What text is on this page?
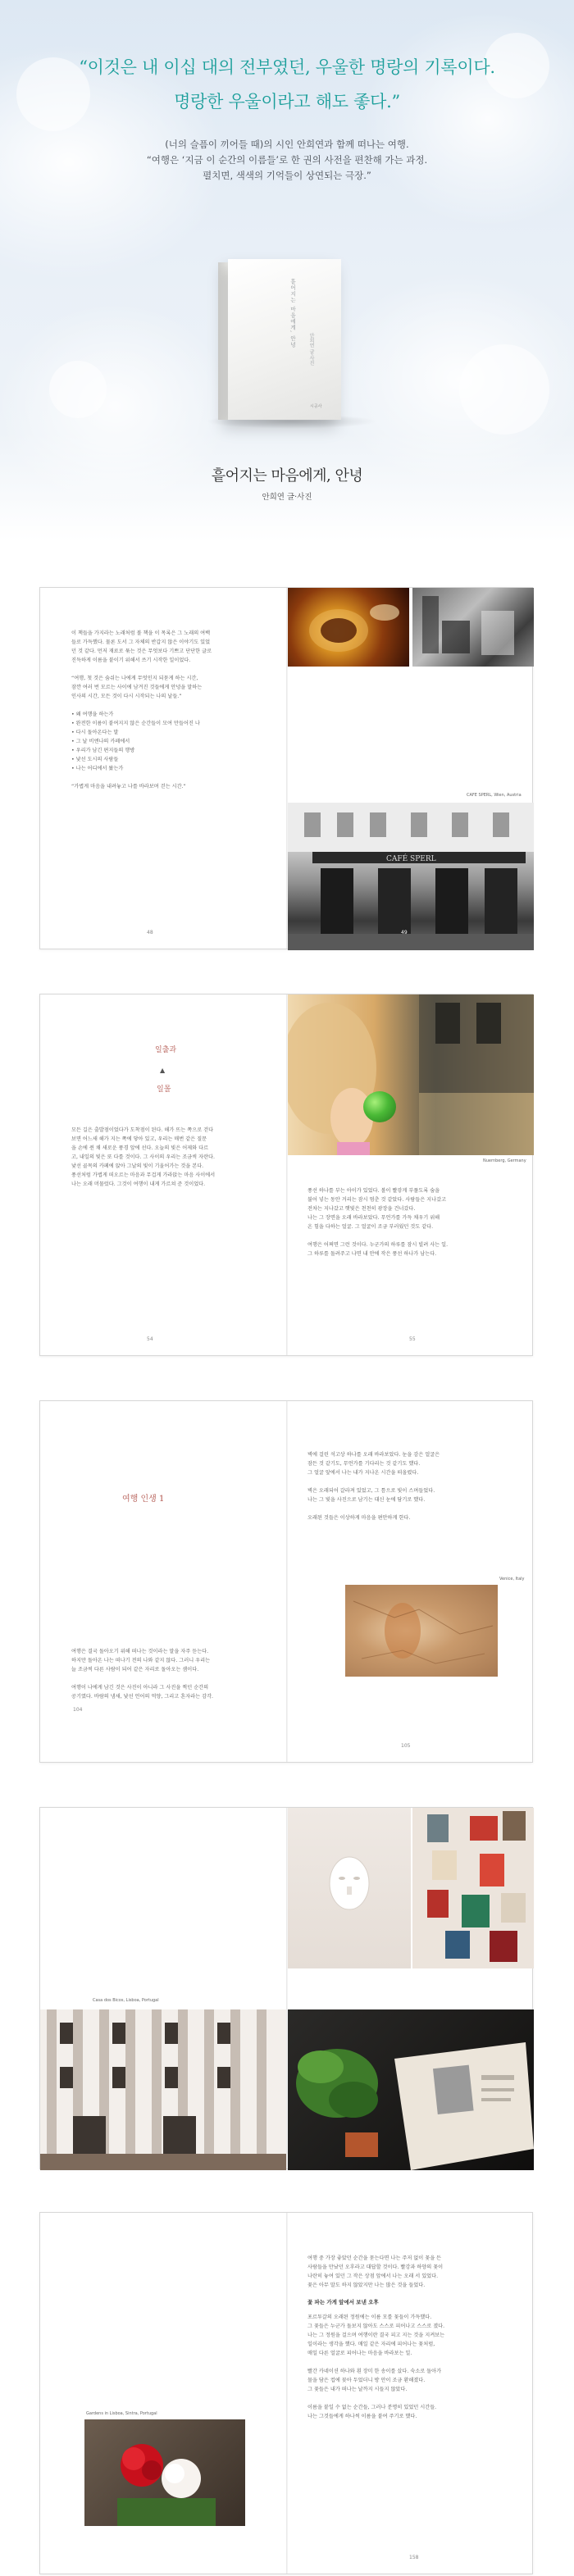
“이것은 내 이십 대의 전부였던, 우울한 명랑의 기록이다.
명랑한 우울이라고 해도 좋다.”
(너의 슬픔이 끼어들 때)의 시인 안희연과 함께 떠나는 여행.
“여행은 ‘지금 이 순간의 이름들’로 한 권의 사전을 편찬해 가는 과정.
펼치면, 색색의 기억들이 상연되는 극장.”
흩어지는 마음에게, 안녕
안희연 글·사진
시공사
흩어지는 마음에게, 안녕
안희연 글·사진
이 책들을 가지라는 노래처럼 볼 책을 이 목록은 그 노래의 여백
들로 가득했다. 물론 도서 그 자체의 반갑지 않은 이야기도 있었
던 것 같다. 먼저 재료로 묶는 것은 무엇보다 기쁘고 단단한 글로
진득하게 이름을 붙이기 위해서 쓰기 시작한 일이었다.

“여행, 첫 것은 숨쉬는 나에게 무엇인지 되묻게 하는 시간,
잠깐 여러 번 모르는 사이에 남겨진 것들에게 안녕을 말하는
인사의 시간, 모든 것이 다시 시작되는 나의 날들.”

• 왜 여행을 하는가
• 완전한 이름이 붙여지지 않은 순간들이 모여 만들어진 나
• 다시 돌아온다는 말
• 그 날 비엔나의 카페에서
• 우리가 남긴 편지들의 행방
• 낯선 도시의 사람들
• 나는 어디에서 왔는가

“가볍게 마음을 내려놓고 나를 바라보며 걷는 시간.”
48
CAFE SPERL, Wien, Austria
CAFÉ SPERL
49
일출과
▲
일몰
모든 길은 출발점이었다가 도착점이 된다. 해가 뜨는 쪽으로 걷다
보면 어느새 해가 지는 쪽에 닿아 있고, 우리는 매번 같은 질문
을 손에 쥔 채 새로운 풍경 앞에 선다. 오늘의 빛은 어제와 다르
고, 내일의 빛은 또 다를 것이다. 그 사이의 우리는 조금씩 자란다.
낯선 골목의 카페에 앉아 그날의 빛이 기울어가는 것을 본다.
풍선처럼 가볍게 떠오르는 마음과 무겁게 가라앉는 마음 사이에서
나는 오래 머물렀다. 그것이 여행이 내게 가르쳐 준 것이었다.
54
Nuernberg, Germany
풍선 하나를 부는 아이가 있었다. 볼이 빨갛게 부풀도록 숨을
불어 넣는 동안 거리는 잠시 멈춘 것 같았다. 사람들은 지나갔고
전차는 지나갔고 햇빛은 천천히 광장을 건너갔다.
나는 그 장면을 오래 바라보았다. 무언가를 가득 채우기 위해
온 힘을 다하는 얼굴. 그 얼굴이 조금 부러웠던 것도 같다.

여행은 어쩌면 그런 것이다. 누군가의 하루를 잠시 빌려 사는 일.
그 하루를 돌려주고 나면 내 안에 작은 풍선 하나가 남는다.
55
여행 인생 1
여행은 결국 돌아오기 위해 떠나는 것이라는 말을 자주 듣는다.
하지만 돌아온 나는 떠나기 전의 나와 같지 않다. 그러니 우리는
늘 조금씩 다른 사람이 되어 같은 자리로 돌아오는 셈이다.

여행이 나에게 남긴 것은 사진이 아니라 그 사진을 찍던 순간의
공기였다. 바람의 냄새, 낯선 언어의 억양, 그리고 혼자라는 감각.
104
벽에 걸린 석고상 하나를 오래 바라보았다. 눈을 감은 얼굴은
잠든 것 같기도, 무언가를 기다리는 것 같기도 했다.
그 얼굴 앞에서 나는 내가 지나온 시간을 떠올렸다.

벽은 오래되어 갈라져 있었고, 그 틈으로 빛이 스며들었다.
나는 그 빛을 사진으로 남기는 대신 눈에 담기로 했다.

오래된 것들은 이상하게 마음을 편안하게 한다.
Venice, Italy
105
Casa dos Bicos, Lisboa, Portugal
Gardens in Lisboa, Sintra, Portugal
여행 중 가장 좋았던 순간을 묻는다면 나는 주저 없이 꽃을 든
사람들을 만났던 오후라고 대답할 것이다. 빨강과 하양의 꽃이
나란히 놓여 있던 그 작은 상점 앞에서 나는 오래 서 있었다.
꽃은 아무 말도 하지 않았지만 나는 많은 것을 들었다.
꽃 파는 가게 앞에서 보낸 오후
포르투갈의 오래된 정원에는 이름 모를 꽃들이 가득했다.
그 꽃들은 누군가 돌보지 않아도 스스로 피어나고 스스로 졌다.
나는 그 정원을 걸으며 여행이란 결국 피고 지는 것을 지켜보는
일이라는 생각을 했다. 매일 같은 자리에 피어나는 꽃처럼,
매일 다른 얼굴로 피어나는 마음을 바라보는 일.

빨간 카네이션 하나와 흰 장미 한 송이를 샀다. 숙소로 돌아가
물을 담은 컵에 꽂아 두었더니 방 안이 조금 환해졌다.
그 꽃들은 내가 떠나는 날까지 시들지 않았다.

이름을 붙일 수 없는 순간들, 그러나 분명히 있었던 시간들.
나는 그것들에게 하나씩 이름을 붙여 주기로 했다.
158
